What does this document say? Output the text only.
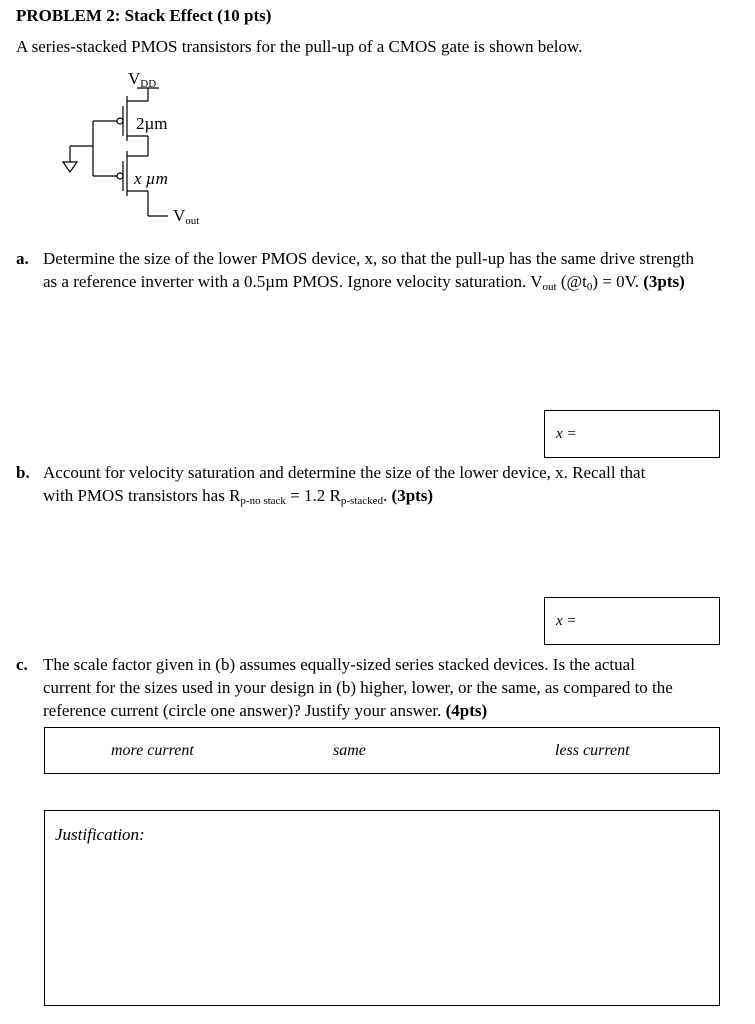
PROBLEM 2: Stack Effect (10 pts)
A series-stacked PMOS transistors for the pull-up of a CMOS gate is shown below.
VDD
2µm
x µm
Vout
a. Determine the size of the lower PMOS device, x, so that the pull-up has the same drive strength
as a reference inverter with a 0.5µm PMOS. Ignore velocity saturation. $V_{out}$ $(@t_0) = 0V$. (3pts)
x =
b. Account for velocity saturation and determine the size of the lower device, x. Recall that
with PMOS transistors has $R_{p-no stack} = 1.2$ $R_{p-stacked}$. (3pts)
x =
c. The scale factor given in (b) assumes equally-sized series stacked devices. Is the actual
current for the sizes used in your design in (b) higher, lower, or the same, as compared to the
reference current (circle one answer)? Justify your answer. (4pts)
more current	same	less current
Justification:
